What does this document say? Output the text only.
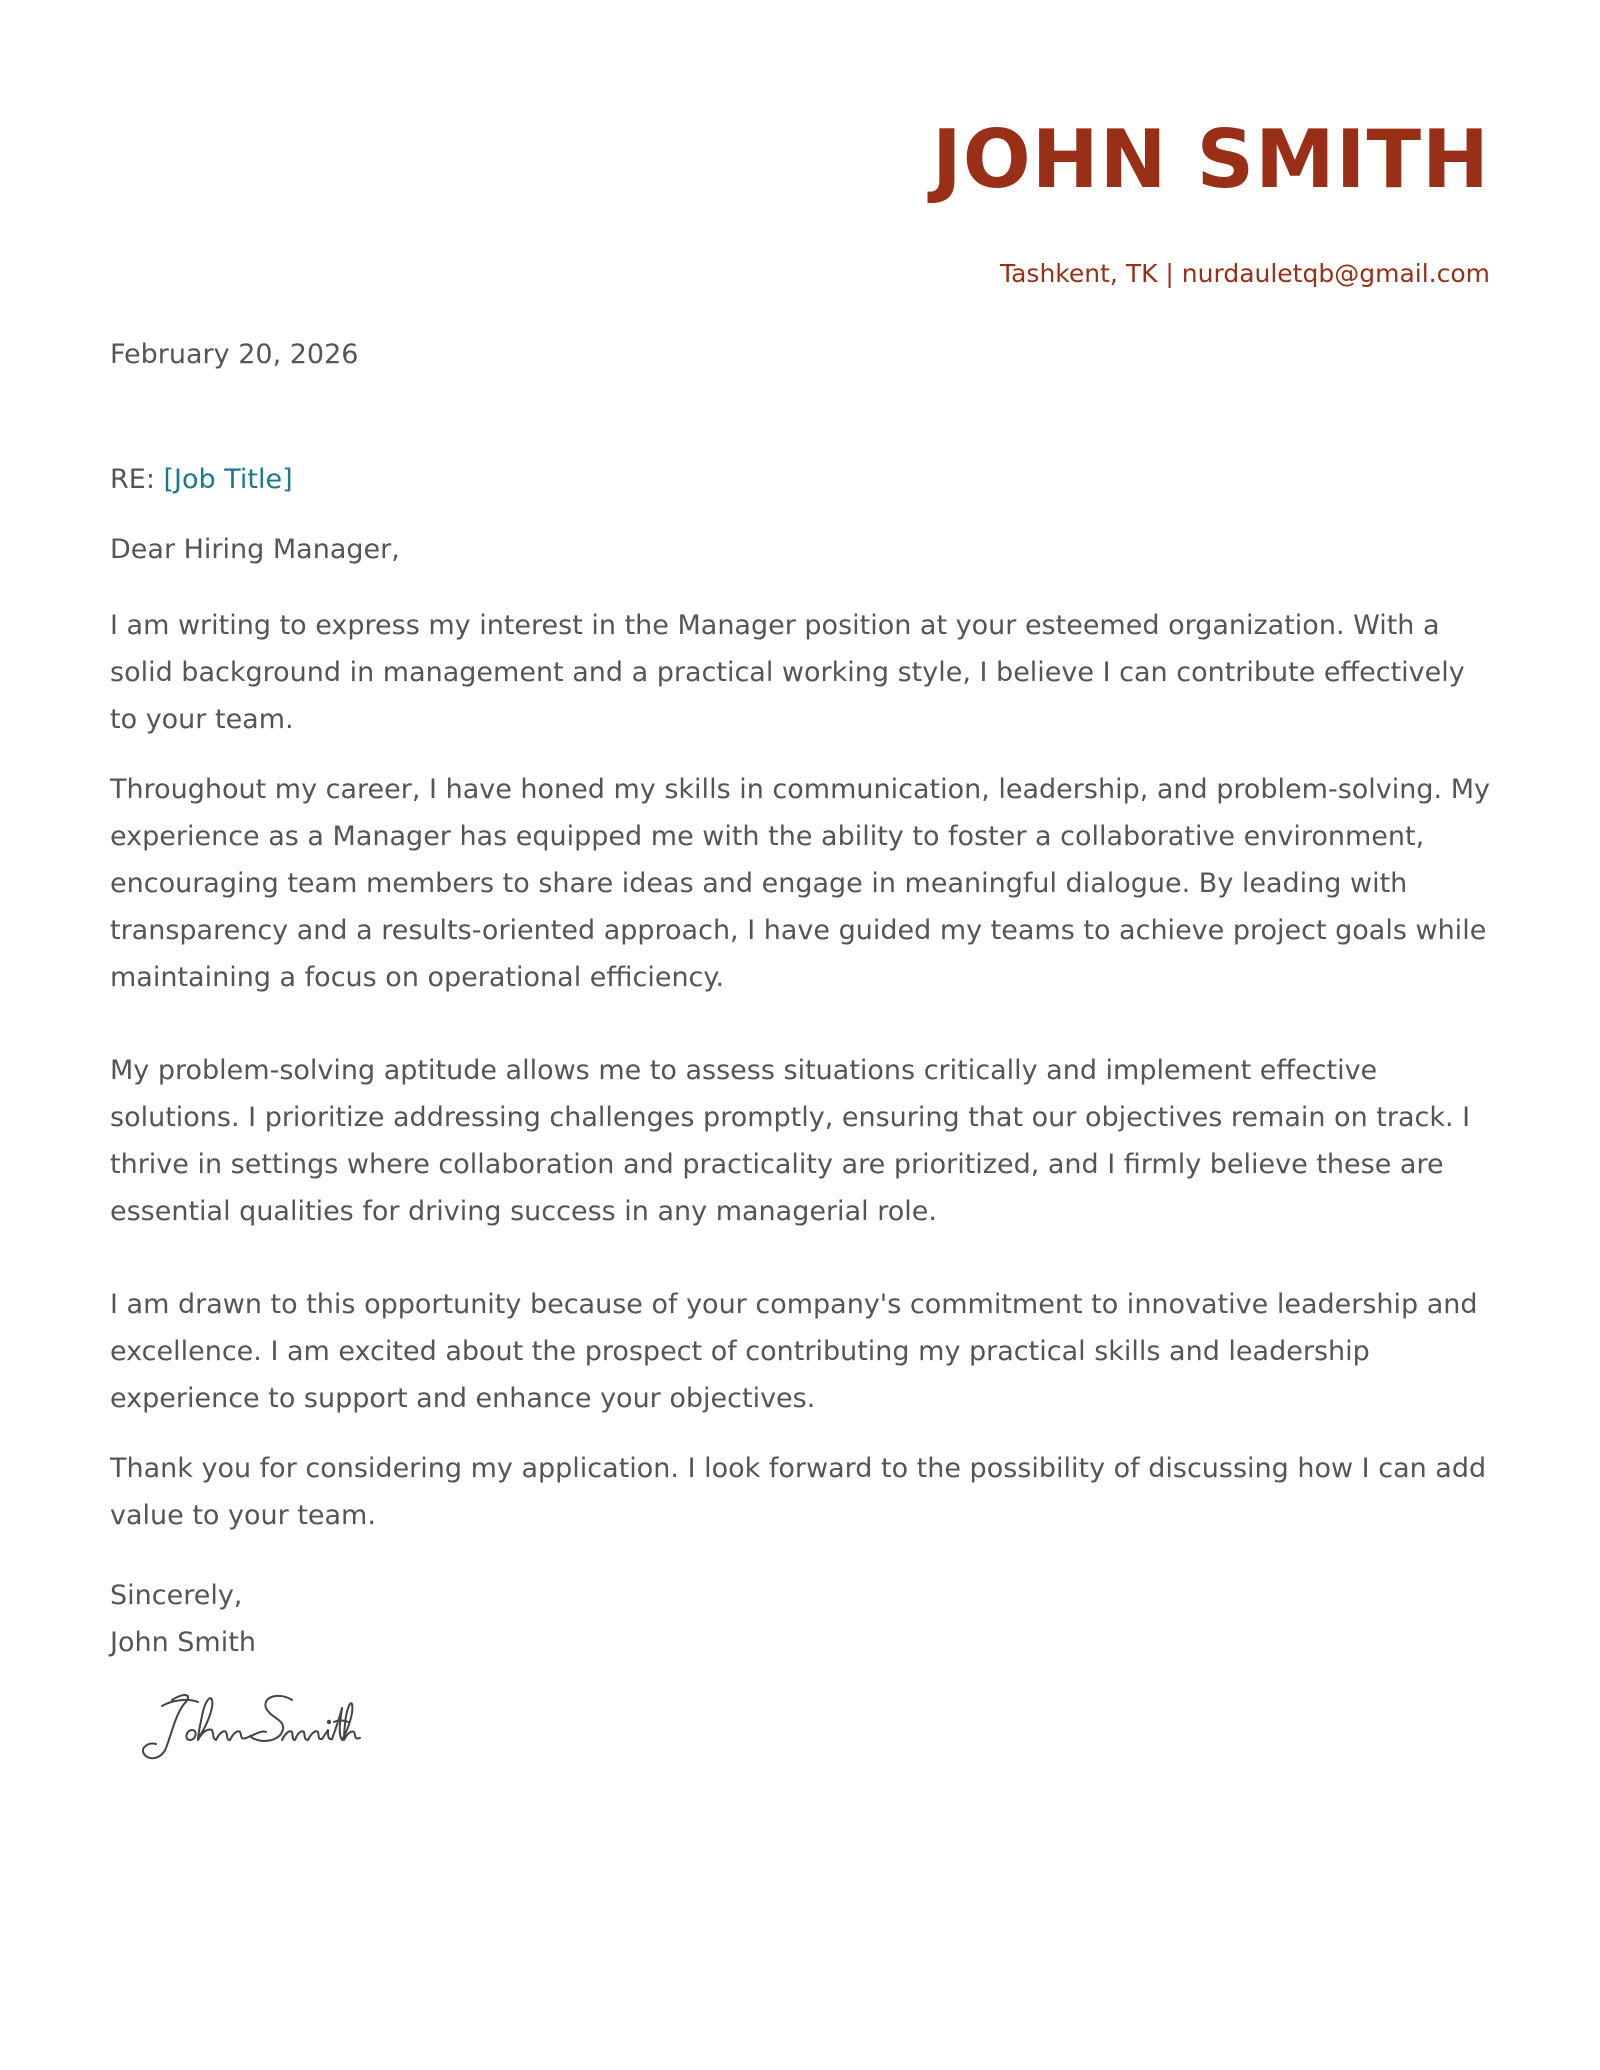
JOHN SMITH
Tashkent, TK | nurdauletqb@gmail.com
February 20, 2026
RE: [Job Title]
Dear Hiring Manager,

I am writing to express my interest in the Manager position at your esteemed organization. With a solid background in management and a practical working style, I believe I can contribute effectively to your team.

Throughout my career, I have honed my skills in communication, leadership, and problem-solving. My experience as a Manager has equipped me with the ability to foster a collaborative environment, encouraging team members to share ideas and engage in meaningful dialogue. By leading with transparency and a results-oriented approach, I have guided my teams to achieve project goals while maintaining a focus on operational efficiency.

My problem-solving aptitude allows me to assess situations critically and implement effective solutions. I prioritize addressing challenges promptly, ensuring that our objectives remain on track. I thrive in settings where collaboration and practicality are prioritized, and I firmly believe these are essential qualities for driving success in any managerial role.

I am drawn to this opportunity because of your company's commitment to innovative leadership and excellence. I am excited about the prospect of contributing my practical skills and leadership experience to support and enhance your objectives.

Thank you for considering my application. I look forward to the possibility of discussing how I can add value to your team.

Sincerely,
John Smith
John Smith
